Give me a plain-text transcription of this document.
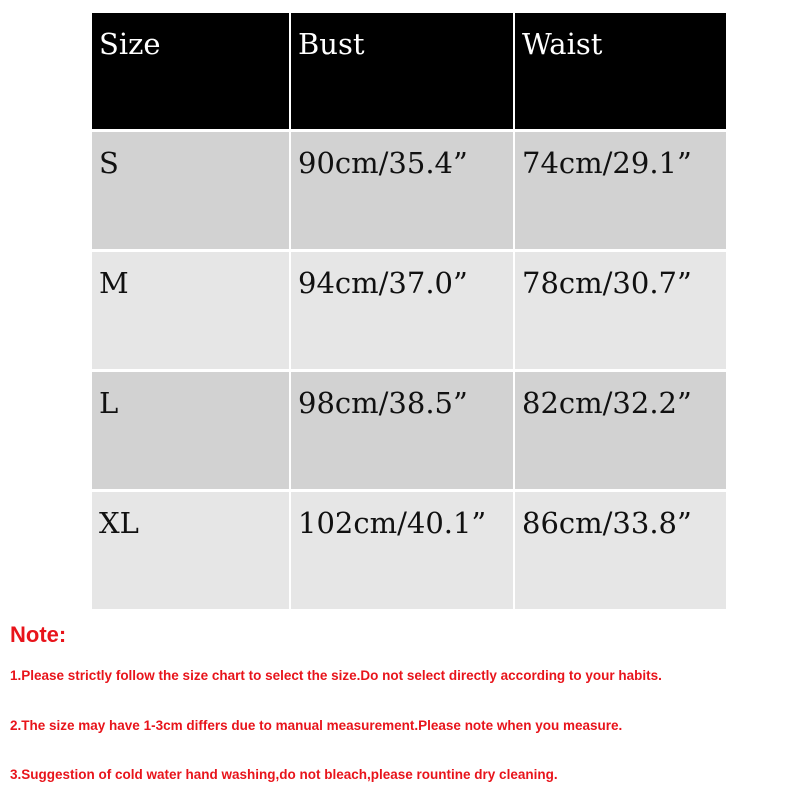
Size	Bust	Waist
S	90cm/35.4”	74cm/29.1”
M	94cm/37.0”	78cm/30.7”
L	98cm/38.5”	82cm/32.2”
XL	102cm/40.1”	86cm/33.8”

Note:

1.Please strictly follow the size chart to select the size.Do not select directly according to your habits.
2.The size may have 1-3cm differs due to manual measurement.Please note when you measure.
3.Suggestion of cold water hand washing,do not bleach,please rountine dry cleaning.
